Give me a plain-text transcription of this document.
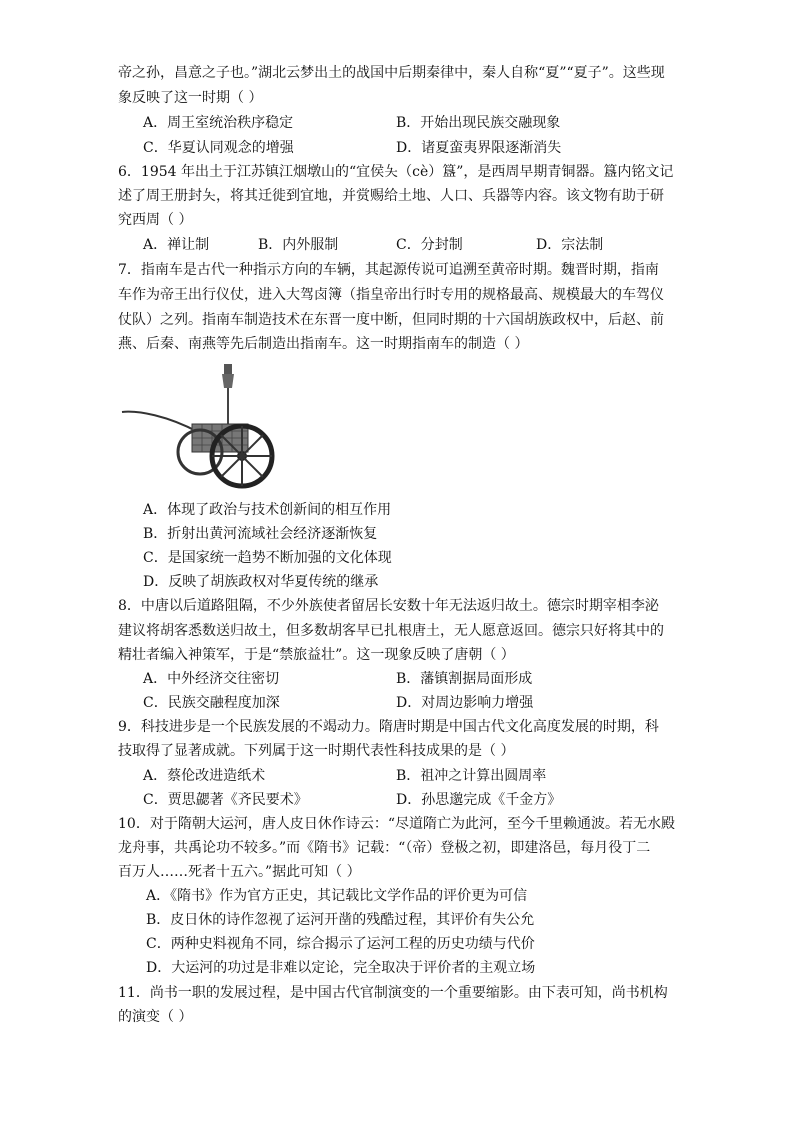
帝之孙，昌意之子也。”湖北云梦出土的战国中后期秦律中，秦人自称“夏”“夏子”。这些现
象反映了这一时期（ ）
A．周王室统治秩序稳定	B．开始出现民族交融现象
C．华夏认同观念的增强	D．诸夏蛮夷界限逐渐消失
6．1954 年出土于江苏镇江烟墩山的“宜侯夨（cè）簋”，是西周早期青铜器。簋内铭文记
述了周王册封夨，将其迁徙到宜地，并赏赐给土地、人口、兵器等内容。该文物有助于研
究西周（ ）
A．禅让制	B．内外服制	C．分封制	D．宗法制
7．指南车是古代一种指示方向的车辆，其起源传说可追溯至黄帝时期。魏晋时期，指南
车作为帝王出行仪仗，进入大驾卤簿（指皇帝出行时专用的规格最高、规模最大的车驾仪
仗队）之列。指南车制造技术在东晋一度中断，但同时期的十六国胡族政权中，后赵、前
燕、后秦、南燕等先后制造出指南车。这一时期指南车的制造（ ）
A．体现了政治与技术创新间的相互作用
B．折射出黄河流域社会经济逐渐恢复
C．是国家统一趋势不断加强的文化体现
D．反映了胡族政权对华夏传统的继承
8．中唐以后道路阻隔，不少外族使者留居长安数十年无法返归故土。德宗时期宰相李泌
建议将胡客悉数送归故土，但多数胡客早已扎根唐土，无人愿意返回。德宗只好将其中的
精壮者编入神策军，于是“禁旅益壮”。这一现象反映了唐朝（ ）
A．中外经济交往密切	B．藩镇割据局面形成
C．民族交融程度加深	D．对周边影响力增强
9．科技进步是一个民族发展的不竭动力。隋唐时期是中国古代文化高度发展的时期，科
技取得了显著成就。下列属于这一时期代表性科技成果的是（ ）
A．蔡伦改进造纸术	B．祖冲之计算出圆周率
C．贾思勰著《齐民要术》	D．孙思邈完成《千金方》
10．对于隋朝大运河，唐人皮日休作诗云：“尽道隋亡为此河，至今千里赖通波。若无水殿
龙舟事，共禹论功不较多。”而《隋书》记载：“（帝）登极之初，即建洛邑，每月役丁二
百万人……死者十五六。”据此可知（ ）
A．《隋书》作为官方正史，其记载比文学作品的评价更为可信
B．皮日休的诗作忽视了运河开凿的残酷过程，其评价有失公允
C．两种史料视角不同，综合揭示了运河工程的历史功绩与代价
D．大运河的功过是非难以定论，完全取决于评价者的主观立场
11．尚书一职的发展过程，是中国古代官制演变的一个重要缩影。由下表可知，尚书机构
的演变（ ）
